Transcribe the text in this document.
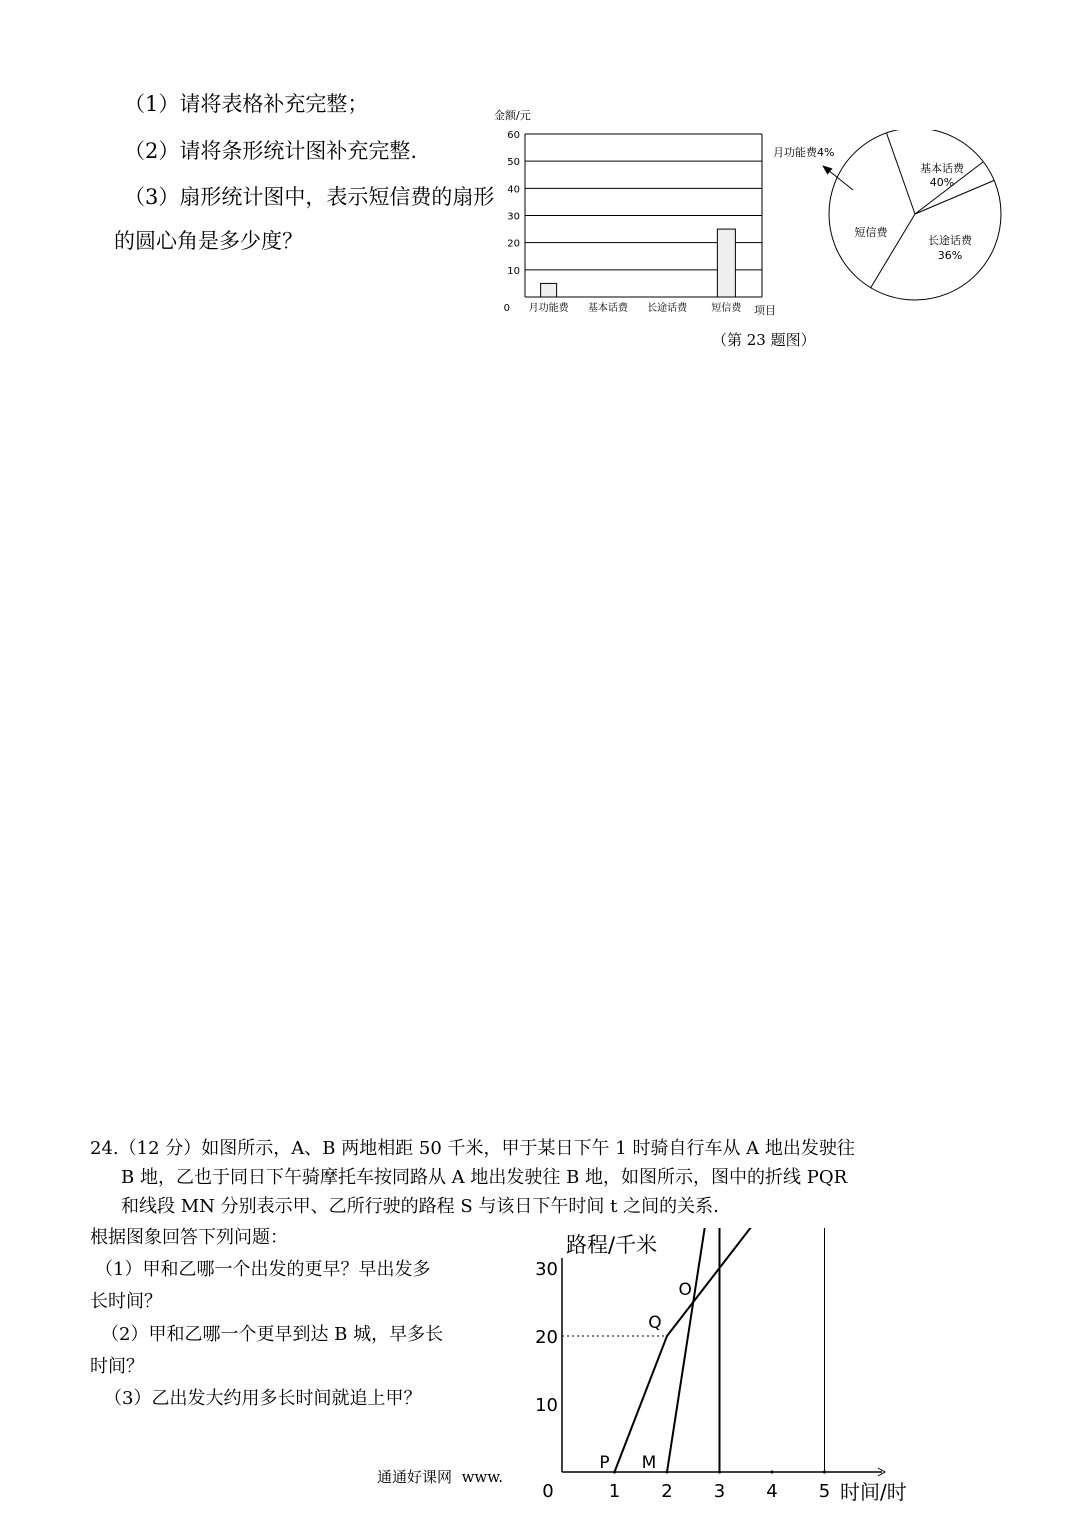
（1）请将表格补充完整；
（2）请将条形统计图补充完整.
（3）扇形统计图中，表示短信费的扇形
的圆心角是多少度？
金额/元
0
10
20
30
40
50
60
月功能费 基本话费 长途话费 短信费 项目
月功能费4%
基本话费
40%
短信费
长途话费
36%
（第 23 题图）
24.（12 分）如图所示，A、B 两地相距 50 千米，甲于某日下午 1 时骑自行车从 A 地出发驶往
B 地，乙也于同日下午骑摩托车按同路从 A 地出发驶往 B 地，如图所示，图中的折线 PQR
和线段 MN 分别表示甲、乙所行驶的路程 S 与该日下午时间 t 之间的关系.
根据图象回答下列问题：
（1）甲和乙哪一个出发的更早？早出发多
长时间？
（2）甲和乙哪一个更早到达 B 城，早多长
时间？
（3）乙出发大约用多长时间就追上甲？
路程/千米
时间/时
0	1 2 3 4 5
10
20
30
P
Q
M
O
通通好课网 www.
